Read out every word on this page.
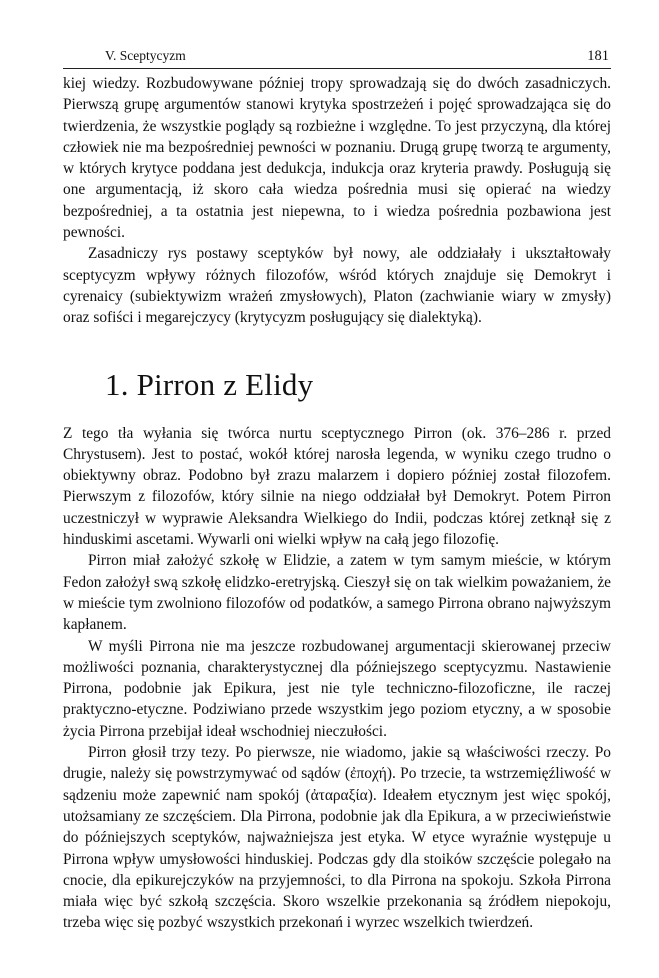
V. Sceptycyzm	181

kiej wiedzy. Rozbudowywane później tropy sprowadzają się do dwóch zasadniczych. Pierwszą grupę argumentów stanowi krytyka spostrzeżeń i pojęć sprowadzająca się do twierdzenia, że wszystkie poglądy są rozbieżne i względne. To jest przyczyną, dla której człowiek nie ma bezpośredniej pewności w poznaniu. Drugą grupę tworzą te argumenty, w których krytyce poddana jest dedukcja, indukcja oraz kryteria prawdy. Posługują się one argumentacją, iż skoro cała wiedza pośrednia musi się opierać na wiedzy bezpośredniej, a ta ostatnia jest niepewna, to i wiedza pośrednia pozbawiona jest pewności.

Zasadniczy rys postawy sceptyków był nowy, ale oddziałały i ukształtowały sceptycyzm wpływy różnych filozofów, wśród których znajduje się Demokryt i cyrenaicy (subiektywizm wrażeń zmysłowych), Platon (zachwianie wiary w zmysły) oraz sofiści i megarejczycy (krytycyzm posługujący się dialektyką).

1. Pirron z Elidy

Z tego tła wyłania się twórca nurtu sceptycznego Pirron (ok. 376–286 r. przed Chrystusem). Jest to postać, wokół której narosła legenda, w wyniku czego trudno o obiektywny obraz. Podobno był zrazu malarzem i dopiero później został filozofem. Pierwszym z filozofów, który silnie na niego oddziałał był Demokryt. Potem Pirron uczestniczył w wyprawie Aleksandra Wielkiego do Indii, podczas której zetknął się z hinduskimi ascetami. Wywarli oni wielki wpływ na całą jego filozofię.

Pirron miał założyć szkołę w Elidzie, a zatem w tym samym mieście, w którym Fedon założył swą szkołę elidzko-eretryjską. Cieszył się on tak wielkim poważaniem, że w mieście tym zwolniono filozofów od podatków, a samego Pirrona obrano najwyższym kapłanem.

W myśli Pirrona nie ma jeszcze rozbudowanej argumentacji skierowanej przeciw możliwości poznania, charakterystycznej dla późniejszego sceptycyzmu. Nastawienie Pirrona, podobnie jak Epikura, jest nie tyle techniczno-filozoficzne, ile raczej praktyczno-etyczne. Podziwiano przede wszystkim jego poziom etyczny, a w sposobie życia Pirrona przebijał ideał wschodniej nieczułości.

Pirron głosił trzy tezy. Po pierwsze, nie wiadomo, jakie są właściwości rzeczy. Po drugie, należy się powstrzymywać od sądów (ἐποχή). Po trzecie, ta wstrzemięźliwość w sądzeniu może zapewnić nam spokój (ἀταραξία). Ideałem etycznym jest więc spokój, utożsamiany ze szczęściem. Dla Pirrona, podobnie jak dla Epikura, a w przeciwieństwie do późniejszych sceptyków, najważniejsza jest etyka. W etyce wyraźnie występuje u Pirrona wpływ umysłowości hinduskiej. Podczas gdy dla stoików szczęście polegało na cnocie, dla epikurejczyków na przyjemności, to dla Pirrona na spokoju. Szkoła Pirrona miała więc być szkołą szczęścia. Skoro wszelkie przekonania są źródłem niepokoju, trzeba więc się pozbyć wszystkich przekonań i wyrzec wszelkich twierdzeń.
